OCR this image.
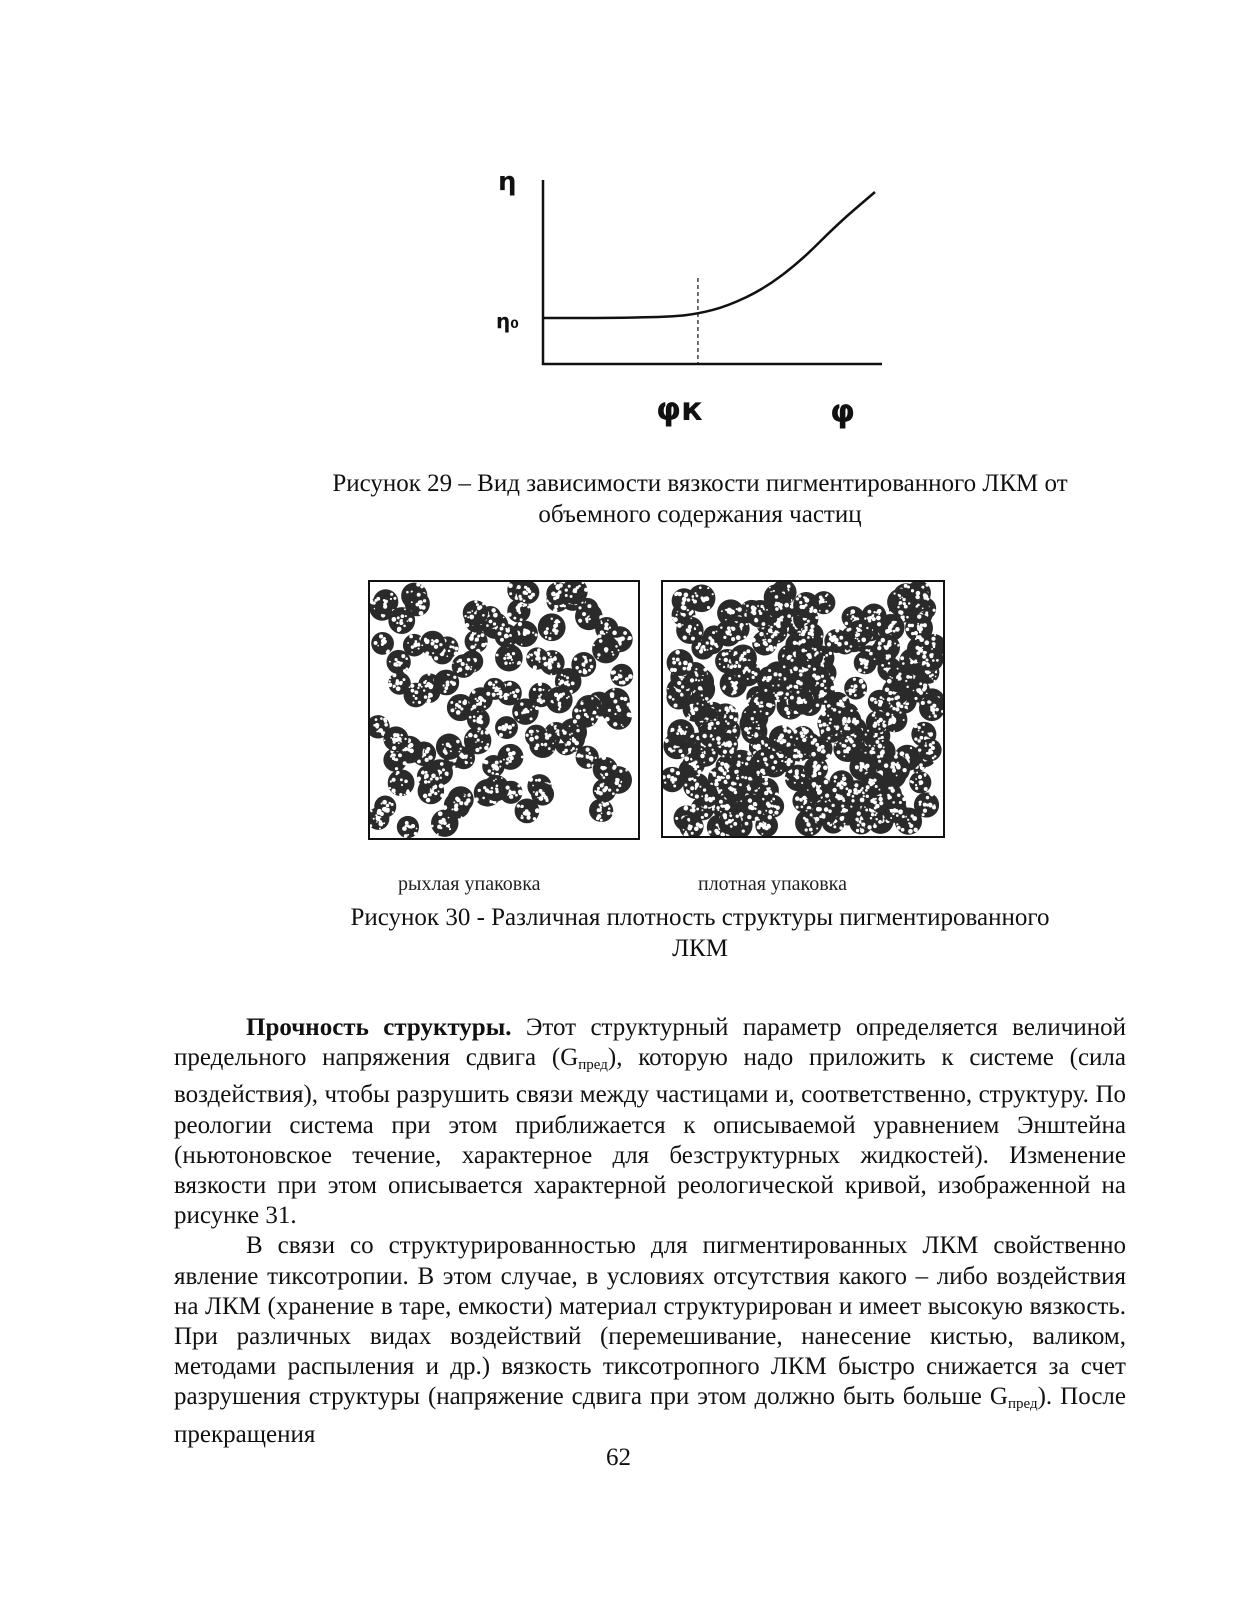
η
η₀
φк	φ
Рисунок 29 – Вид зависимости вязкости пигментированного ЛКМ от
объемного содержания частиц
рыхлая упаковка	плотная упаковка
Рисунок 30 - Различная плотность структуры пигментированного
ЛКМ

Прочность структуры. Этот структурный параметр определяется величиной предельного напряжения сдвига $(G_{пред})$, которую надо приложить к системе (сила воздействия), чтобы разрушить связи между частицами и, соответственно, структуру. По реологии система при этом приближается к описываемой уравнением Энштейна (ньютоновское течение, характерное для безструктурных жидкостей). Изменение вязкости при этом описывается характерной реологической кривой, изображенной на рисунке 31.

В связи со структурированностью для пигментированных ЛКМ свойственно явление тиксотропии. В этом случае, в условиях отсутствия какого – либо воздействия на ЛКМ (хранение в таре, емкости) материал структурирован и имеет высокую вязкость. При различных видах воздействий (перемешивание, нанесение кистью, валиком, методами распыления и др.) вязкость тиксотропного ЛКМ быстро снижается за счет разрушения структуры (напряжение сдвига при этом должно быть больше $G_{пред}$). После прекращения

62
